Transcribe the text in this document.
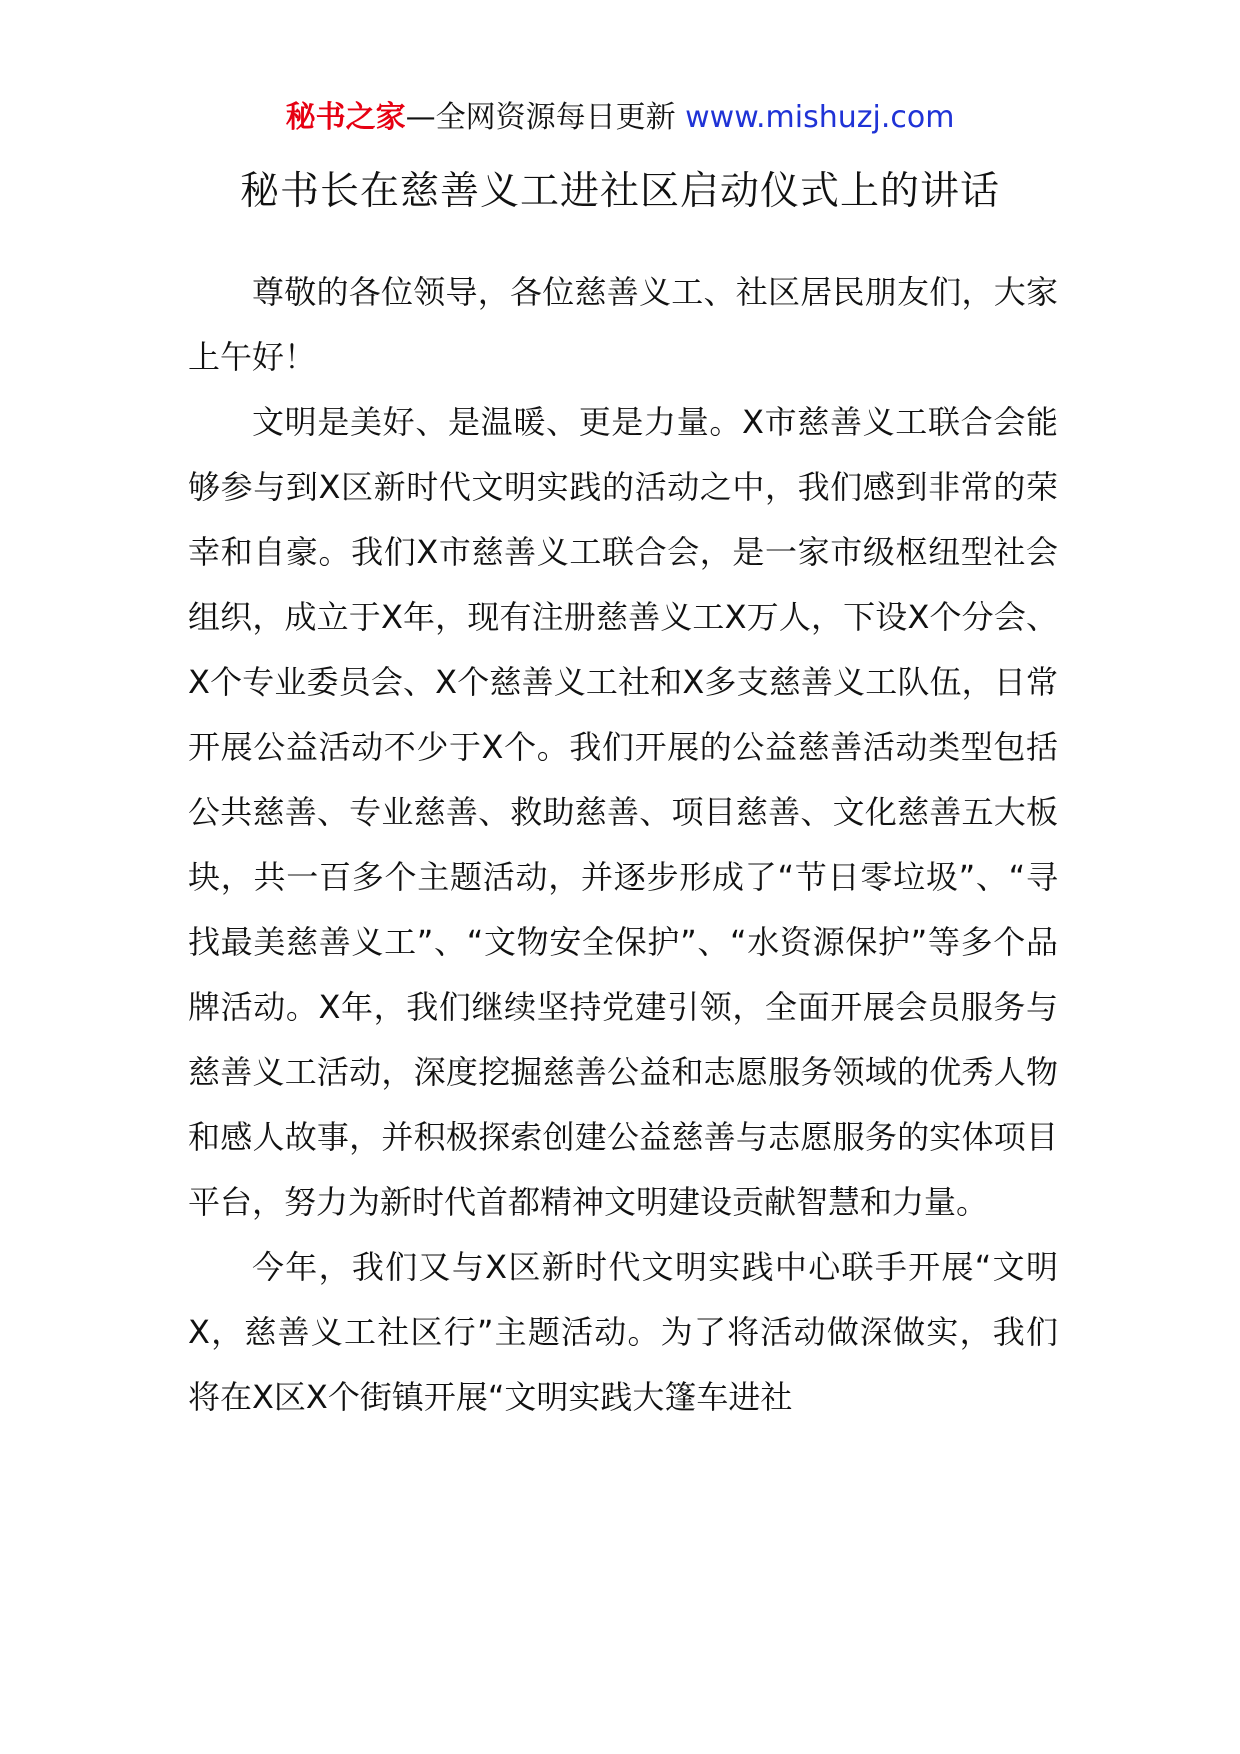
秘书之家—全网资源每日更新 www.mishuzj.com
秘书长在慈善义工进社区启动仪式上的讲话

尊敬的各位领导，各位慈善义工、社区居民朋友们，大家上午好！

文明是美好、是温暖、更是力量。X市慈善义工联合会能够参与到X区新时代文明实践的活动之中，我们感到非常的荣幸和自豪。我们X市慈善义工联合会，是一家市级枢纽型社会组织，成立于X年，现有注册慈善义工X万人，下设X个分会、X个专业委员会、X个慈善义工社和X多支慈善义工队伍，日常开展公益活动不少于X个。我们开展的公益慈善活动类型包括公共慈善、专业慈善、救助慈善、项目慈善、文化慈善五大板块，共一百多个主题活动，并逐步形成了“节日零垃圾”、“寻找最美慈善义工”、“文物安全保护”、“水资源保护”等多个品牌活动。X年，我们继续坚持党建引领，全面开展会员服务与慈善义工活动，深度挖掘慈善公益和志愿服务领域的优秀人物和感人故事，并积极探索创建公益慈善与志愿服务的实体项目平台，努力为新时代首都精神文明建设贡献智慧和力量。

今年，我们又与X区新时代文明实践中心联手开展“文明X，慈善义工社区行”主题活动。为了将活动做深做实，我们将在X区X个街镇开展“文明实践大篷车进社
